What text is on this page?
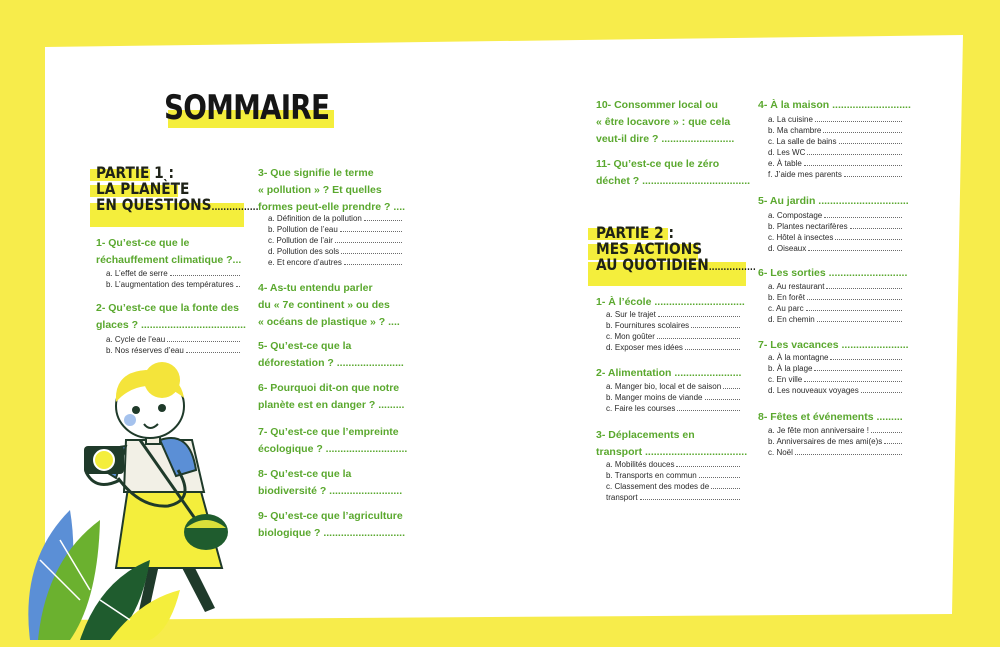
SOMMAIRE
PARTIE 1 :
LA PLANÈTE
EN QUESTIONS................
PARTIE 2 :
MES ACTIONS
AU QUOTIDIEN................
1- Qu’est-ce que le
réchauffement climatique ?...
a. L’effet de serre
b. L’augmentation des températures
2- Qu’est-ce que la fonte des
glaces ? ....................................
a. Cycle de l’eau
b. Nos réserves d’eau
3- Que signifie le terme
« pollution » ? Et quelles
formes peut-elle prendre ? ....
a. Définition de la pollution
b. Pollution de l’eau
c. Pollution de l’air
d. Pollution des sols
e. Et encore d’autres
4- As-tu entendu parler
du « 7e continent » ou des
« océans de plastique » ? ....
5- Qu’est-ce que la
déforestation ? .......................
6- Pourquoi dit-on que notre
planète est en danger ? .........
7- Qu’est-ce que l’empreinte
écologique ? ............................
8- Qu’est-ce que la
biodiversité ? .........................
9- Qu’est-ce que l’agriculture
biologique ? ............................
10- Consommer local ou
« être locavore » : que cela
veut-il dire ? .........................
11- Qu’est-ce que le zéro
déchet ? .....................................
1- À l’école ...............................
a. Sur le trajet
b. Fournitures scolaires
c. Mon goûter
d. Exposer mes idées
2- Alimentation .......................
a. Manger bio, local et de saison
b. Manger moins de viande
c. Faire les courses
3- Déplacements en
transport ...................................
a. Mobilités douces
b. Transports en commun
c. Classement des modes de
transport
4- À la maison ...........................
a. La cuisine
b. Ma chambre
c. La salle de bains
d. Les WC
e. À table
f. J’aide mes parents
5- Au jardin ...............................
a. Compostage
b. Plantes nectarifères
c. Hôtel à insectes
d. Oiseaux
6- Les sorties ...........................
a. Au restaurant
b. En forêt
c. Au parc
d. En chemin
7- Les vacances .......................
a. À la montagne
b. À la plage
c. En ville
d. Les nouveaux voyages
8- Fêtes et événements .........
a. Je fête mon anniversaire !
b. Anniversaires de mes ami(e)s
c. Noël
